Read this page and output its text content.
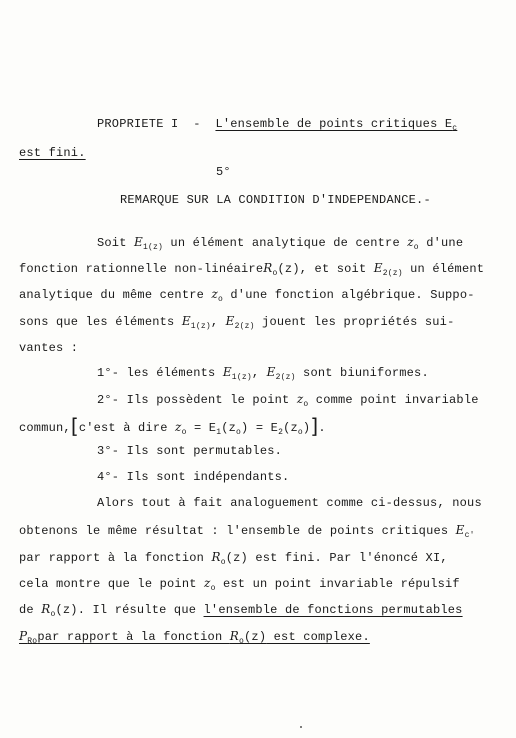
PROPRIETE I - L'ensemble de points critiques $E_c$
est fini.
5°
REMARQUE SUR LA CONDITION D'INDEPENDANCE.-
Soit $E_{1(z)}$ un élément analytique de centre $z_o$ d'une
fonction rationnelle non-linéaireR$_o$(z), et soit $E_{2(z)}$ un élément
analytique du même centre $z_o$ d'une fonction algébrique. Suppo-
sons que les éléments $E_{1(z)}$, $E_{2(z)}$ jouent les propriétés sui-
vantes :
1°- les éléments $E_{1(z)}$, $E_{2(z)}$ sont biuniformes.
2°- Ils possèdent le point $z_o$ comme point invariable
commun,[c'est à dire $z_o = E_1(z_o) = E_2(z_o)$].
3°- Ils sont permutables.
4°- Ils sont indépendants.
Alors tout à fait analoguement comme ci-dessus, nous
obtenons le même résultat : l'ensemble de points critiques $E_{c'}$
par rapport à la fonction $R_o(z)$ est fini. Par l'énoncé XI,
cela montre que le point $z_o$ est un point invariable répulsif
de $R_o(z)$. Il résulte que l'ensemble de fonctions permutables
$P_{Ro}par$ rapport à la fonction $R_o(z)$ est complexe.
